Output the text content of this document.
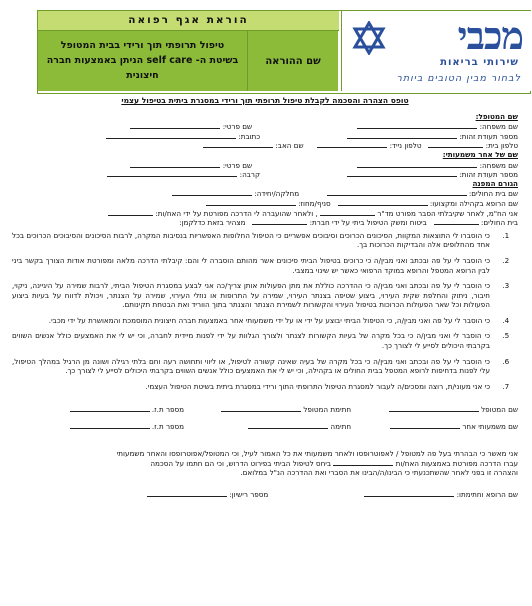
הוראת אגף רפואה
טיפול תרופתי תוך ורידי בבית המטופל
בשיטת ה- self care הניתן באמצעות חברה
חיצונית
שם ההוראה
מכבי
שירותי בריאות
לבחור מבין הטובים ביותר
טופס הצהרה והסכמה לקבלת טיפול תרופתי תוך ורידי במסגרת ביתית בטיפול עצמי
שם המטופל:
שם משפחה:                                               שם פרטי:
מספר תעודת זהות:                                       כתובת:
טלפון בית:    טלפון נייד:       שם האב:
שם של אחר משמעותי:
שם משפחה:                                               שם פרטי:
מספר תעודת זהות:                                       קרבה:
הגורם המפנה
שם בית החולים:             מחלקה/יחידה:
שם הרופא בקהילה ומקצועו:    סניף/מחוז:
אני הח"מ, לאחר שקיבלתי הסבר מפורט מד"ר  , ולאחר שהועברה לי הדרכה מפורטת על ידי האח/ות:
בית החולים:    ביטוח ומשק הטיפול ביתי על ידי חברת:    מצהיר בזאת כדלקמן:
1. כי הוסברו לי התוצאות המקוות, הסיכונים הכרוכים וסיבוכים אפשריים כי הטיפול החלופות האפשריות בנסיבות המקרה, לרבות הסיכונים והסיבוכים הכרוכים בכל אחד מהחלופים אלה והבדיקות הכרוכות בך.
2. כי הוסבר לי על פה ובכתב ואני מבין/ה כי כרוכים בטיפול הביתי סיכונים אשר מהותם הוסברה לי והם: קיבלתי הדרכה מלאה ומפורטת אודות הצורך בקשר ביני לבין הרופא המטפל והרופא במוקד הרפואי כאשר יש שינוי במצבי.
3. כי הוסבר לי על פה ובכתב ואני מבין/ה כי ההדרכה כוללת את מתן הפעולות אותן צריך/כה אני לבצע במסגרת הטיפול הביתי, לרבות שמירה על היגיינה, ניקוי, חיבור, ניתוק והחלפת שקית העירוי, ביצוע שטיפה בצנתר העירוי, שמירה על התרופות או נוזלי העירוי, שמירה על הצנתר, ויכולת לדווח על בעיות ביצוע הפעולות וכל שאר הפעולות הכרוכות בטיפול העירוי והקשורות לשמירת הצנתר והצנתר בתוך הווריד ואת הבטחת תקינותם.
4. כי הוסבר לי על פה ואני מבין/ה, כי הטיפול הביתי יבוצע על ידי או על ידי משמעותי אחר באמצעות חברה חיצונית המוסמכת והמאושרת על ידי מכבי.
5. כי הוסבר לי ואני מבין/ה כי בכל מקרה של בעיות הקשורות לצנתר ולצורך הגלוות על ידי לפנות מיידית לחברה, וכי יש לי את האמצעים כולל אנשים השווים בקרבתי היכולים לסייע לי לצורך כך.
6. כי הוסבר לי על פה ובכתב ואני מבין/ה כי בכל מקרה של בעיה שאינה קשורה לטיפול, או ליווי ותחושה רעה וחם בלתי רגילה ושונה מן הרגיל במהלך הטיפול, עלי לפנות בדחיפות לרופא המטפל בבית החולים או בקהילה, וכי יש לי את האמצעים כולל אנשים השווים בקרבתי היכולים לסייע לי לצורך כך.
7. כי אני מעוני/ת, רוצה ומסכים/ה לעבור למסגרת הטיפול התרופתי התוך ורידי במסגרת ביתית בשיטת הטיפול העצמי.
שם המטופל	חתימת המטופל	מספר ת.ז.
שם משמעותי אחר	חתימה	מספר ת.ז.
אני מאשר כי הבהרתי בעל פה למטופל / לאפוטרופסו ולאחר משמעותי את כל האמור לעיל, וכי המטופל/אפוטרופסו והאחר משמעותי
עברו הדרכה מפורטת באמצעות האח/ות  ביחס לטיפול הביתי בפירוט הדרוש, וכי הם חתמו על הסכמה
והצהרה זו בפני לאחר שהשתכנעתי כי הבינו/ה/הבינו את הסברי ואת ההדרכה הנ"ל במלואם.
שם הרופא וחתימתו:                                           מספר רישיון:
